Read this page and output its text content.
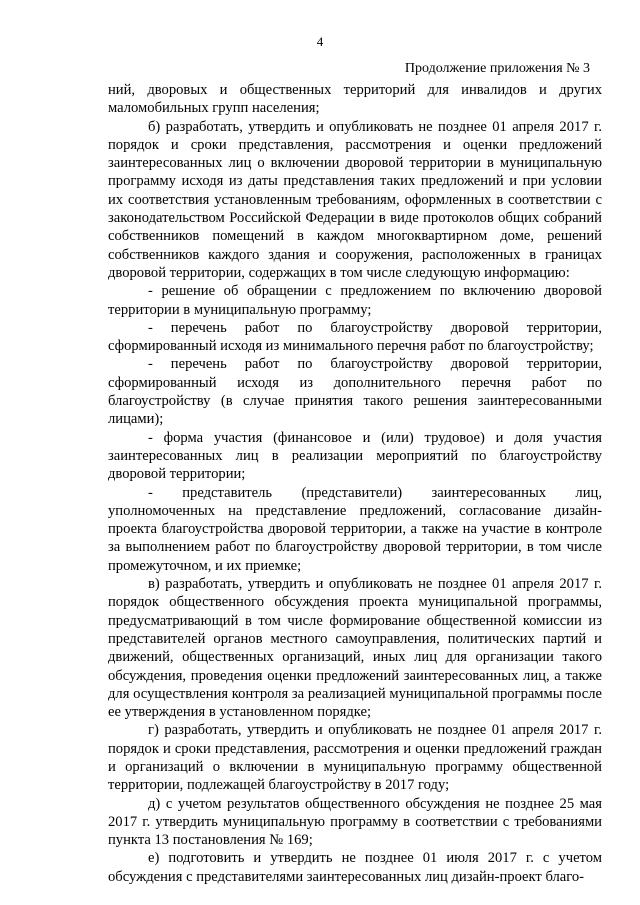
4
Продолжение приложения № 3

ний, дворовых и общественных территорий для инвалидов и других маломобильных групп населения;

б) разработать, утвердить и опубликовать не позднее 01 апреля 2017 г. порядок и сроки представления, рассмотрения и оценки предложений заинтересованных лиц о включении дворовой территории в муниципальную программу исходя из даты представления таких предложений и при условии их соответствия установленным требованиям, оформленных в соответствии с законодательством Российской Федерации в виде протоколов общих собраний собственников помещений в каждом многоквартирном доме, решений собственников каждого здания и сооружения, расположенных в границах дворовой территории, содержащих в том числе следующую информацию:

- решение об обращении с предложением по включению дворовой территории в муниципальную программу;

- перечень работ по благоустройству дворовой территории, сформированный исходя из минимального перечня работ по благоустройству;

- перечень работ по благоустройству дворовой территории, сформированный исходя из дополнительного перечня работ по благоустройству (в случае принятия такого решения заинтересованными лицами);

- форма участия (финансовое и (или) трудовое) и доля участия заинтересованных лиц в реализации мероприятий по благоустройству дворовой территории;

- представитель (представители) заинтересованных лиц, уполномоченных на представление предложений, согласование дизайн-проекта благоустройства дворовой территории, а также на участие в контроле за выполнением работ по благоустройству дворовой территории, в том числе промежуточном, и их приемке;

в) разработать, утвердить и опубликовать не позднее 01 апреля 2017 г. порядок общественного обсуждения проекта муниципальной программы, предусматривающий в том числе формирование общественной комиссии из представителей органов местного самоуправления, политических партий и движений, общественных организаций, иных лиц для организации такого обсуждения, проведения оценки предложений заинтересованных лиц, а также для осуществления контроля за реализацией муниципальной программы после ее утверждения в установленном порядке;

г) разработать, утвердить и опубликовать не позднее 01 апреля 2017 г. порядок и сроки представления, рассмотрения и оценки предложений граждан и организаций о включении в муниципальную программу общественной территории, подлежащей благоустройству в 2017 году;

д) с учетом результатов общественного обсуждения не позднее 25 мая 2017 г. утвердить муниципальную программу в соответствии с требованиями пункта 13 постановления № 169;

е) подготовить и утвердить не позднее 01 июля 2017 г. с учетом обсуждения с представителями заинтересованных лиц дизайн-проект благо-
